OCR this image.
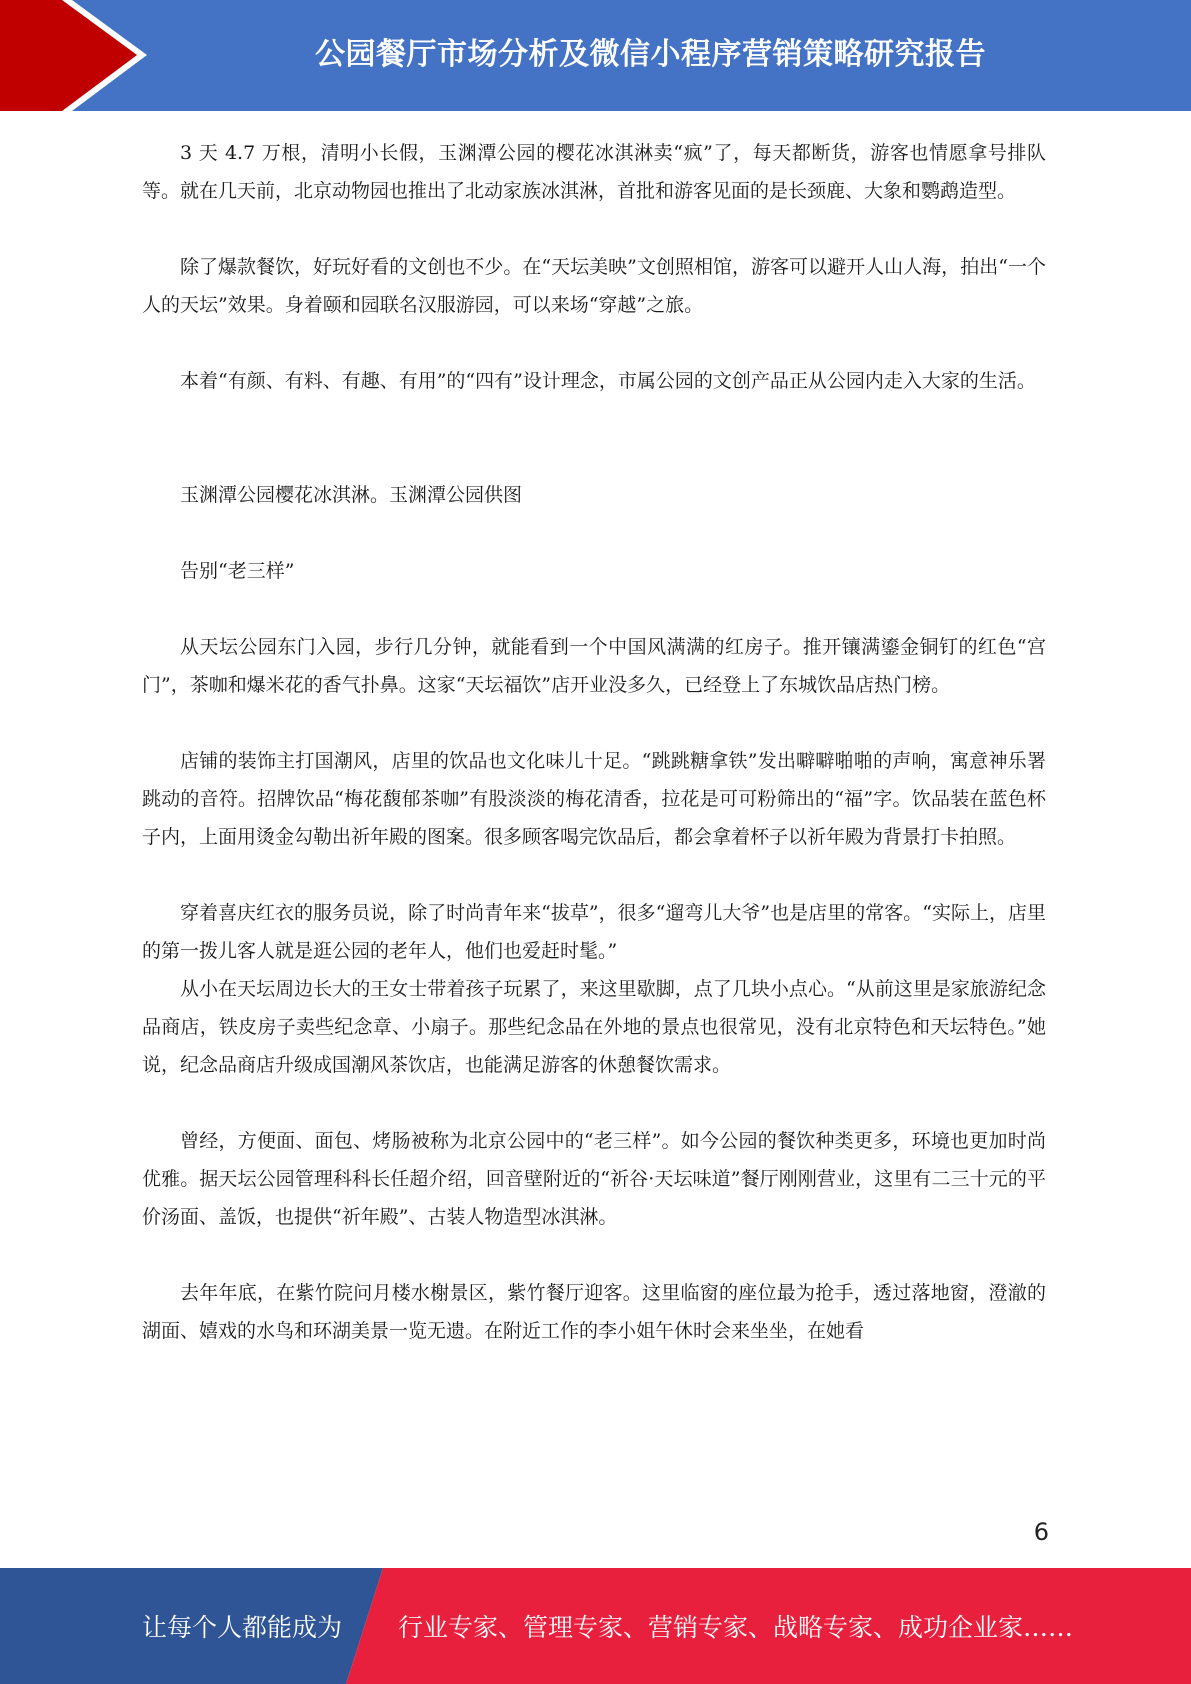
公园餐厅市场分析及微信小程序营销策略研究报告

3 天 4.7 万根，清明小长假，玉渊潭公园的樱花冰淇淋卖“疯”了，每天都断货，游客也情愿拿号排队等。就在几天前，北京动物园也推出了北动家族冰淇淋，首批和游客见面的是长颈鹿、大象和鹦鹉造型。

除了爆款餐饮，好玩好看的文创也不少。在“天坛美映”文创照相馆，游客可以避开人山人海，拍出“一个人的天坛”效果。身着颐和园联名汉服游园，可以来场“穿越”之旅。

本着“有颜、有料、有趣、有用”的“四有”设计理念，市属公园的文创产品正从公园内走入大家的生活。

玉渊潭公园樱花冰淇淋。玉渊潭公园供图

告别“老三样”

从天坛公园东门入园，步行几分钟，就能看到一个中国风满满的红房子。推开镶满鎏金铜钉的红色“宫门”，茶咖和爆米花的香气扑鼻。这家“天坛福饮”店开业没多久，已经登上了东城饮品店热门榜。

店铺的装饰主打国潮风，店里的饮品也文化味儿十足。“跳跳糖拿铁”发出噼噼啪啪的声响，寓意神乐署跳动的音符。招牌饮品“梅花馥郁茶咖”有股淡淡的梅花清香，拉花是可可粉筛出的“福”字。饮品装在蓝色杯子内，上面用烫金勾勒出祈年殿的图案。很多顾客喝完饮品后，都会拿着杯子以祈年殿为背景打卡拍照。

穿着喜庆红衣的服务员说，除了时尚青年来“拔草”，很多“遛弯儿大爷”也是店里的常客。“实际上，店里的第一拨儿客人就是逛公园的老年人，他们也爱赶时髦。”

从小在天坛周边长大的王女士带着孩子玩累了，来这里歇脚，点了几块小点心。“从前这里是家旅游纪念品商店，铁皮房子卖些纪念章、小扇子。那些纪念品在外地的景点也很常见，没有北京特色和天坛特色。”她说，纪念品商店升级成国潮风茶饮店，也能满足游客的休憩餐饮需求。

曾经，方便面、面包、烤肠被称为北京公园中的“老三样”。如今公园的餐饮种类更多，环境也更加时尚优雅。据天坛公园管理科科长任超介绍，回音壁附近的“祈谷·天坛味道”餐厅刚刚营业，这里有二三十元的平价汤面、盖饭，也提供“祈年殿”、古装人物造型冰淇淋。

去年年底，在紫竹院问月楼水榭景区，紫竹餐厅迎客。这里临窗的座位最为抢手，透过落地窗，澄澈的湖面、嬉戏的水鸟和环湖美景一览无遗。在附近工作的李小姐午休时会来坐坐，在她看

6
让每个人都能成为 行业专家、管理专家、营销专家、战略专家、成功企业家……
